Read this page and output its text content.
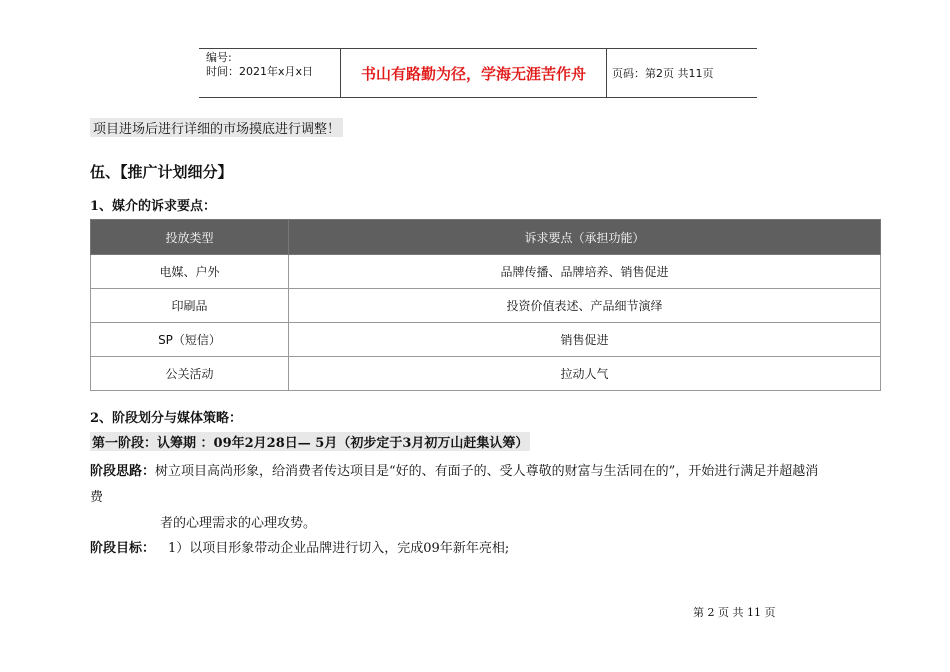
编号:
时间：2021年x月x日	书山有路勤为径，学海无涯苦作舟	页码：第2页 共11页
项目进场后进行详细的市场摸底进行调整！
伍、【推广计划细分】
1、媒介的诉求要点：
投放类型	诉求要点（承担功能）
电媒、户外	品牌传播、品牌培养、销售促进
印刷品	投资价值表述、产品细节演绎
SP（短信）	销售促进
公关活动	拉动人气
2、阶段划分与媒体策略：
第一阶段：认筹期 ：09年2月28日— 5月（初步定于3月初万山赶集认筹）
阶段思路：树立项目高尚形象，给消费者传达项目是“好的、有面子的、受人尊敬的财富与生活同在的”，开始进行满足并超越消
费
者的心理需求的心理攻势。
阶段目标： 1）以项目形象带动企业品牌进行切入，完成09年新年亮相;
第 2 页 共 11 页
